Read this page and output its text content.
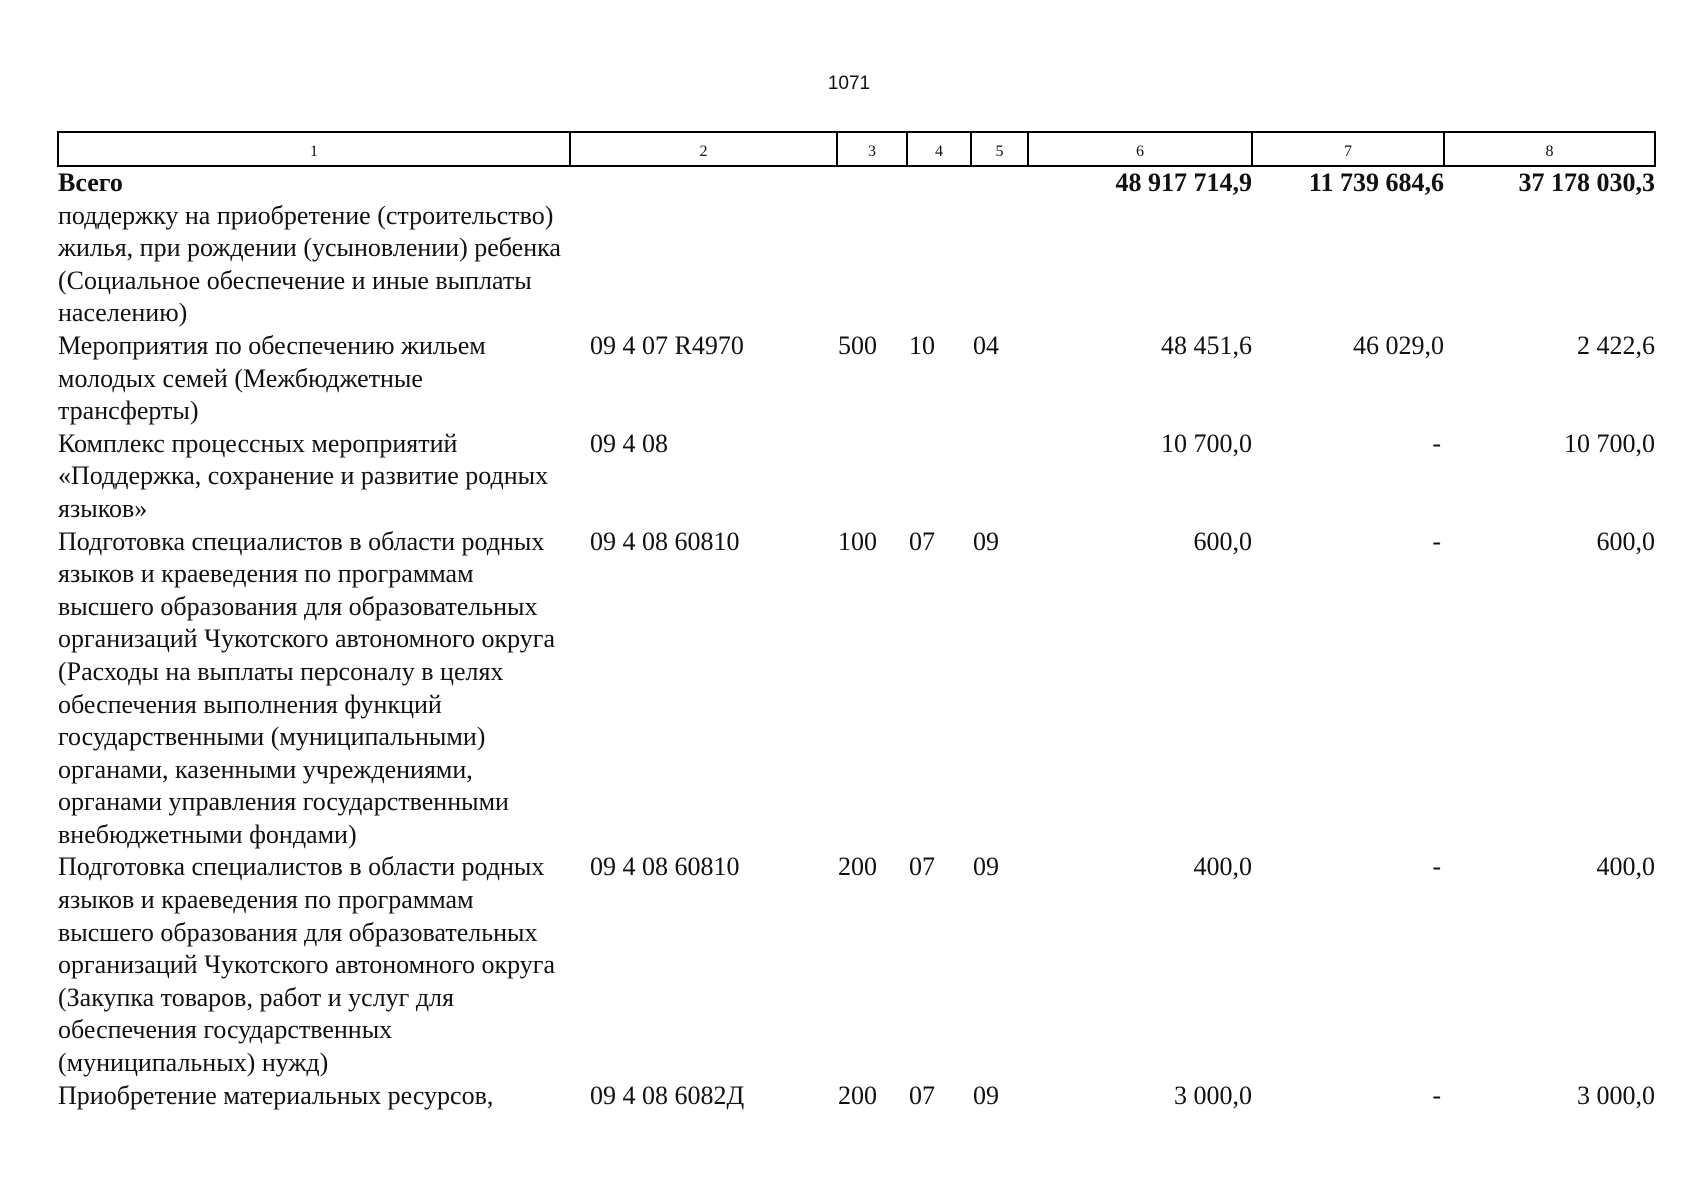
1071
1	2	3	4	5	6	7	8
Всего					48 917 714,9	11 739 684,6	37 178 030,3
поддержку на приобретение (строительство) жилья, при рождении (усыновлении) ребенка (Социальное обеспечение и иные выплаты населению)							
Мероприятия по обеспечению жильем молодых семей (Межбюджетные трансферты)	09 4 07 R4970	500	10	04	48 451,6	46 029,0	2 422,6
Комплекс процессных мероприятий «Поддержка, сохранение и развитие родных языков»	09 4 08				10 700,0	-	10 700,0
Подготовка специалистов в области родных языков и краеведения по программам высшего образования для образовательных организаций Чукотского автономного округа (Расходы на выплаты персоналу в целях обеспечения выполнения функций государственными (муниципальными) органами, казенными учреждениями, органами управления государственными внебюджетными фондами)	09 4 08 60810	100	07	09	600,0	-	600,0
Подготовка специалистов в области родных языков и краеведения по программам высшего образования для образовательных организаций Чукотского автономного округа (Закупка товаров, работ и услуг для обеспечения государственных (муниципальных) нужд)	09 4 08 60810	200	07	09	400,0	-	400,0
Приобретение материальных ресурсов,	09 4 08 6082Д	200	07	09	3 000,0	-	3 000,0
